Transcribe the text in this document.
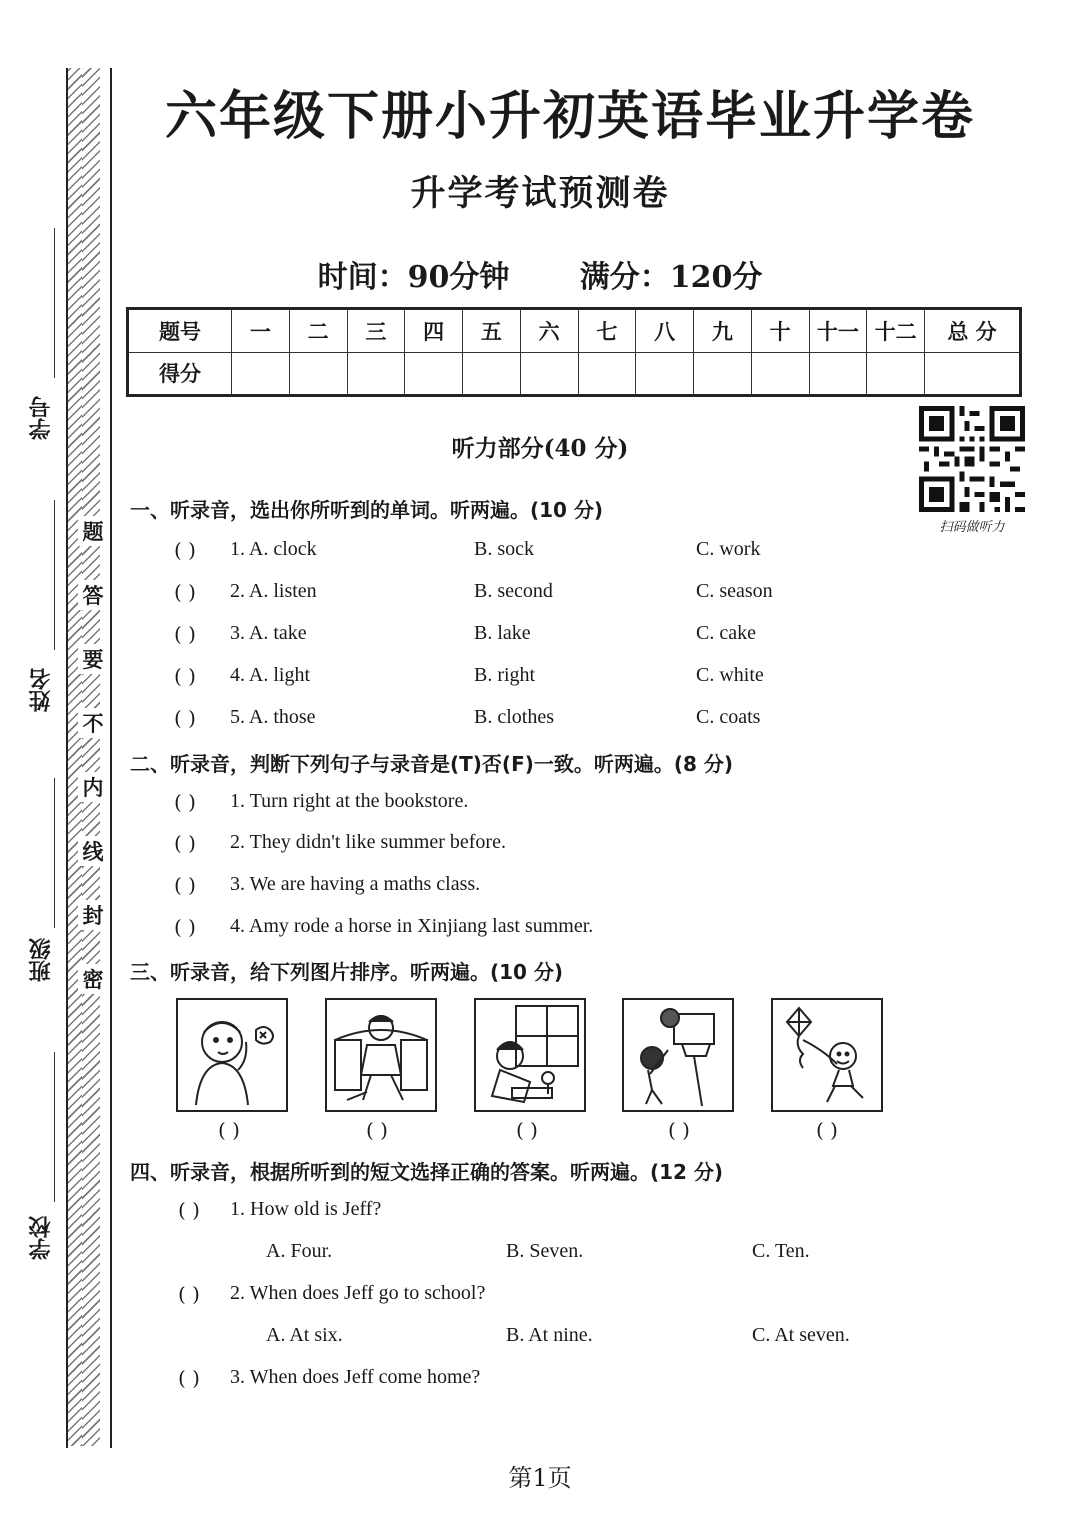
学号
姓名
班级
学校
题
答
要
不
内
线
封
密
六年级下册小升初英语毕业升学卷
升学考试预测卷
时间：90分钟 满分：120分
题号	一	二	三	四	五	六	七	八	九	十	十一	十二	总 分
得分													
扫码做听力
听力部分(40 分)
一、听录音，选出你所听到的单词。听两遍。(10 分)
( ) 1. A. clock	B. sock	C. work
( ) 2. A. listen	B. second	C. season
( ) 3. A. take	B. lake	C. cake
( ) 4. A. light	B. right	C. white
( ) 5. A. those	B. clothes	C. coats
二、听录音，判断下列句子与录音是(T)否(F)一致。听两遍。(8 分)
( ) 1. Turn right at the bookstore.
( ) 2. They didn't like summer before.
( ) 3. We are having a maths class.
( ) 4. Amy rode a horse in Xinjiang last summer.
三、听录音，给下列图片排序。听两遍。(10 分)
( )	( )	( )	( )	( )
四、听录音，根据所听到的短文选择正确的答案。听两遍。(12 分)
( ) 1. How old is Jeff?
A. Four.	B. Seven.	C. Ten.
( ) 2. When does Jeff go to school?
A. At six.	B. At nine.	C. At seven.
( ) 3. When does Jeff come home?
第1页
